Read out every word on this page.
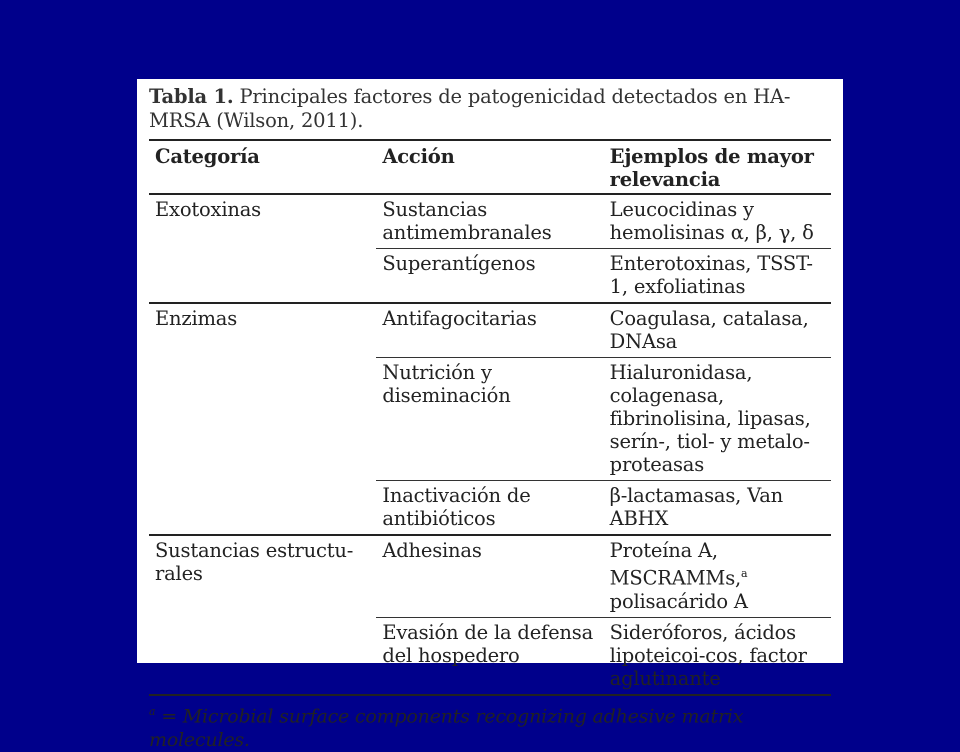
Tabla 1. Principales factores de patogenicidad detectados en HA-MRSA (Wilson, 2011).
Categoría	Acción	Ejemplos de mayor relevancia
Exotoxinas	Sustancias antimembranales	Leucocidinas y hemolisinas α, β, γ, δ
	Superantígenos	Enterotoxinas, TSST-1, exfoliatinas
Enzimas	Antifagocitarias	Coagulasa, catalasa, DNAsa
	Nutrición y diseminación	Hialuronidasa, colagenasa, fibrinolisina, lipasas, serín-, tiol- y metalo-proteasas
	Inactivación de antibióticos	β-lactamasas, Van ABHX
Sustancias estructu-rales	Adhesinas	Proteína A, MSCRAMMs,$^a$ polisacárido A
	Evasión de la defensa del hospedero	Sideróforos, ácidos lipoteicoi-cos, factor aglutinante
$^a$ = Microbial surface components recognizing adhesive matrix molecules.
